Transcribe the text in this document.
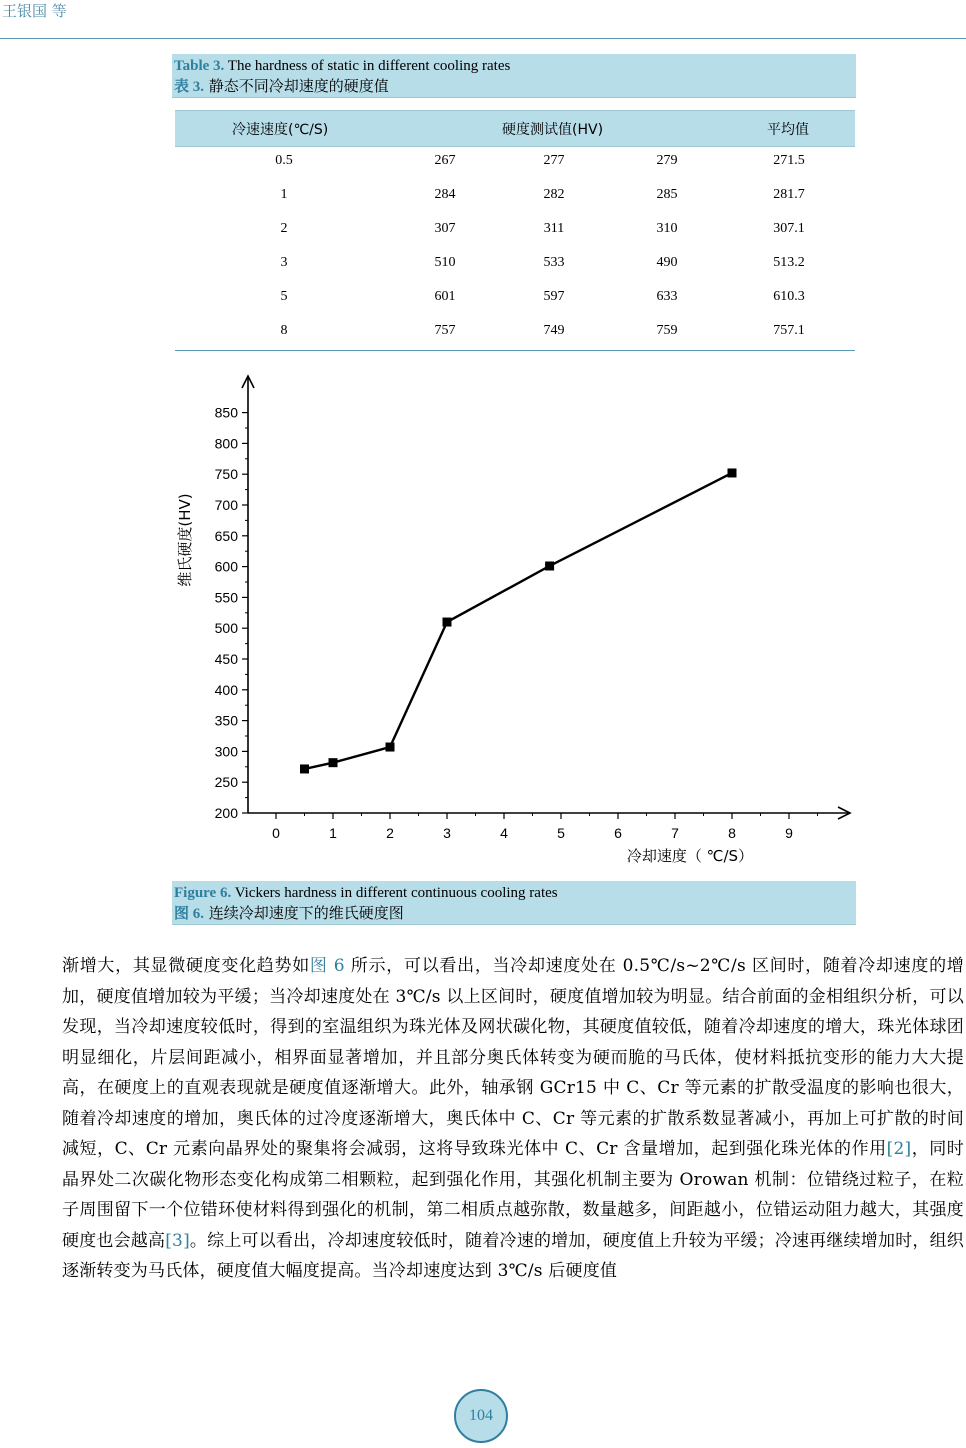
王银国 等
Table 3. The hardness of static in different cooling rates
表 3. 静态不同冷却速度的硬度值
冷速速度(℃/S)	硬度测试值(HV)	平均值
0.5	267	277	279	271.5
1	284	282	285	281.7
2	307	311	310	307.1
3	510	533	490	513.2
5	601	597	633	610.3
8	757	749	759	757.1
200
250
300
350
400
450
500
550
600
650
700
750
800
850
0	1	2	3	4	5	6	7	8	9
冷却速度（ ℃/S）
维氏硬度(HV)
Figure 6. Vickers hardness in different continuous cooling rates
图 6. 连续冷却速度下的维氏硬度图

渐增大，其显微硬度变化趋势如图 6 所示，可以看出，当冷却速度处在 0.5℃/s~2℃/s 区间时，随着冷却速度的增加，硬度值增加较为平缓；当冷却速度处在 3℃/s 以上区间时，硬度值增加较为明显。结合前面的金相组织分析，可以发现，当冷却速度较低时，得到的室温组织为珠光体及网状碳化物，其硬度值较低，随着冷却速度的增大，珠光体球团明显细化，片层间距减小，相界面显著增加，并且部分奥氏体转变为硬而脆的马氏体，使材料抵抗变形的能力大大提高，在硬度上的直观表现就是硬度值逐渐增大。此外，轴承钢 GCr15 中 C、Cr 等元素的扩散受温度的影响也很大，随着冷却速度的增加，奥氏体的过冷度逐渐增大，奥氏体中 C、Cr 等元素的扩散系数显著减小，再加上可扩散的时间减短，C、Cr 元素向晶界处的聚集将会减弱，这将导致珠光体中 C、Cr 含量增加，起到强化珠光体的作用[2]，同时晶界处二次碳化物形态变化构成第二相颗粒，起到强化作用，其强化机制主要为 Orowan 机制：位错绕过粒子，在粒子周围留下一个位错环使材料得到强化的机制，第二相质点越弥散，数量越多，间距越小，位错运动阻力越大，其强度硬度也会越高[3]。综上可以看出，冷却速度较低时，随着冷速的增加，硬度值上升较为平缓；冷速再继续增加时，组织逐渐转变为马氏体，硬度值大幅度提高。当冷却速度达到 3℃/s 后硬度值

104
